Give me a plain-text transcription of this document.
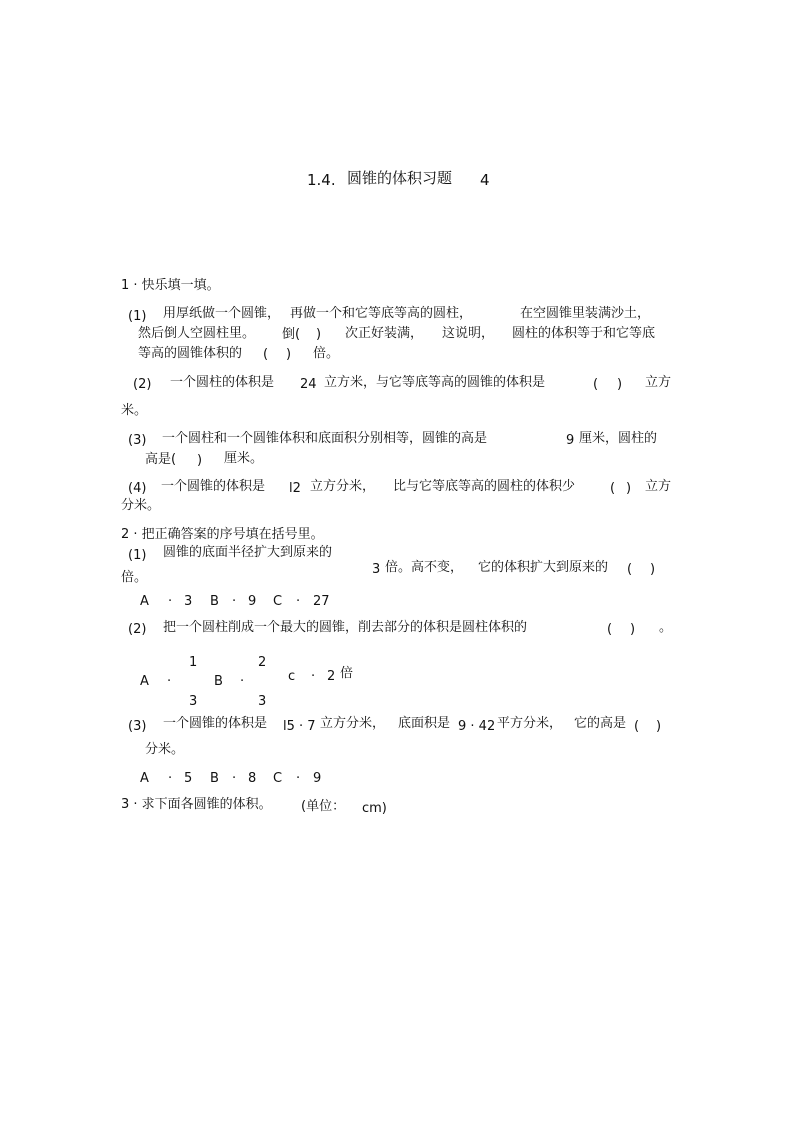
1.4. 圆锥的体积习题 4
1 · 快乐填一填。
(1) 用厚纸做一个圆锥， 再做一个和它等底等高的圆柱，	在空圆锥里装满沙土，
然后倒人空圆柱里。 倒( ) 次正好装满， 这说明， 圆柱的体积等于和它等底
等高的圆锥体积的 ( ) 倍。
(2) 一个圆柱的体积是 24 立方米，与它等底等高的圆锥的体积是	( ) 立方
米。
(3) 一个圆柱和一个圆锥体积和底面积分别相等，圆锥的高是	9 厘米，圆柱的
高是( ) 厘米。
(4) 一个圆锥的体积是 l2 立方分米， 比与它等底等高的圆柱的体积少	( ) 立方
分米。
2 · 把正确答案的序号填在括号里。
(1) 圆锥的底面半径扩大到原来的
3 倍。高不变， 它的体积扩大到原来的 ( )
倍。
A · 3 B · 9 C · 27
(2) 把一个圆柱削成一个最大的圆锥，削去部分的体积是圆柱体积的	( ) 。
1	2
A ·	B ·	c · 2 倍
3	3
(3) 一个圆锥的体积是 l5 · 7 立方分米， 底面积是 9 · 42 平方分米， 它的高是 ( )
分米。
A · 5 B · 8 C · 9
3 · 求下面各圆锥的体积。 (单位： cm)
